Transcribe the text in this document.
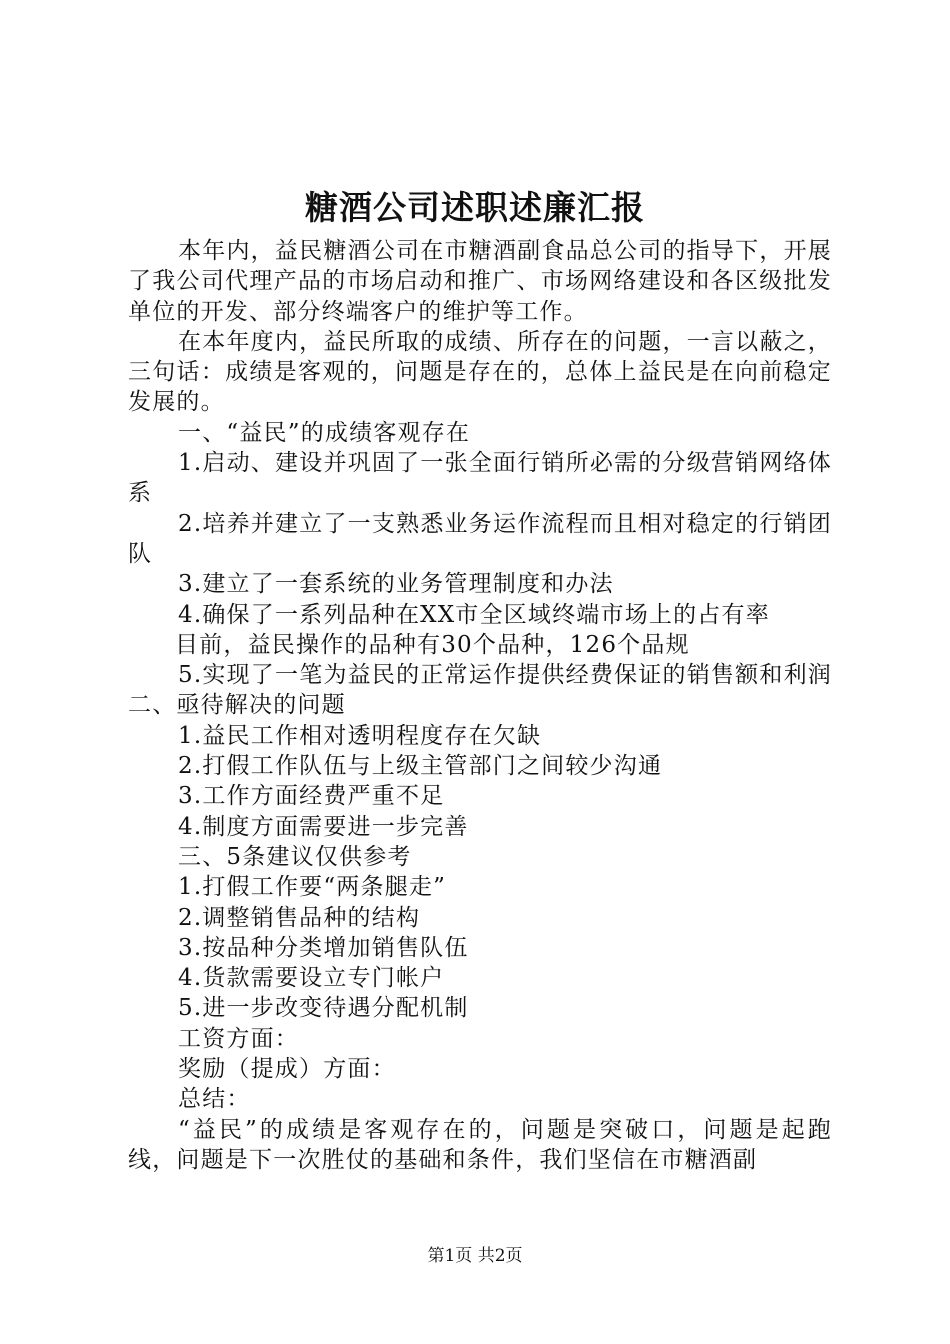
糖酒公司述职述廉汇报

本年内，益民糖酒公司在市糖酒副食品总公司的指导下，开展了我公司代理产品的市场启动和推广、市场网络建设和各区级批发单位的开发、部分终端客户的维护等工作。

在本年度内，益民所取的成绩、所存在的问题，一言以蔽之，三句话：成绩是客观的，问题是存在的，总体上益民是在向前稳定发展的。

一、“益民”的成绩客观存在

1.启动、建设并巩固了一张全面行销所必需的分级营销网络体系

2.培养并建立了一支熟悉业务运作流程而且相对稳定的行销团队

3.建立了一套系统的业务管理制度和办法

4.确保了一系列品种在XX市全区域终端市场上的占有率

目前，益民操作的品种有30个品种，126个品规

5.实现了一笔为益民的正常运作提供经费保证的销售额和利润二、亟待解决的问题

1.益民工作相对透明程度存在欠缺

2.打假工作队伍与上级主管部门之间较少沟通

3.工作方面经费严重不足

4.制度方面需要进一步完善

三、5条建议仅供参考

1.打假工作要“两条腿走”

2.调整销售品种的结构

3.按品种分类增加销售队伍

4.货款需要设立专门帐户

5.进一步改变待遇分配机制

工资方面：

奖励（提成）方面：

总结：

“益民”的成绩是客观存在的，问题是突破口，问题是起跑线，问题是下一次胜仗的基础和条件，我们坚信在市糖酒副

第1页 共2页
